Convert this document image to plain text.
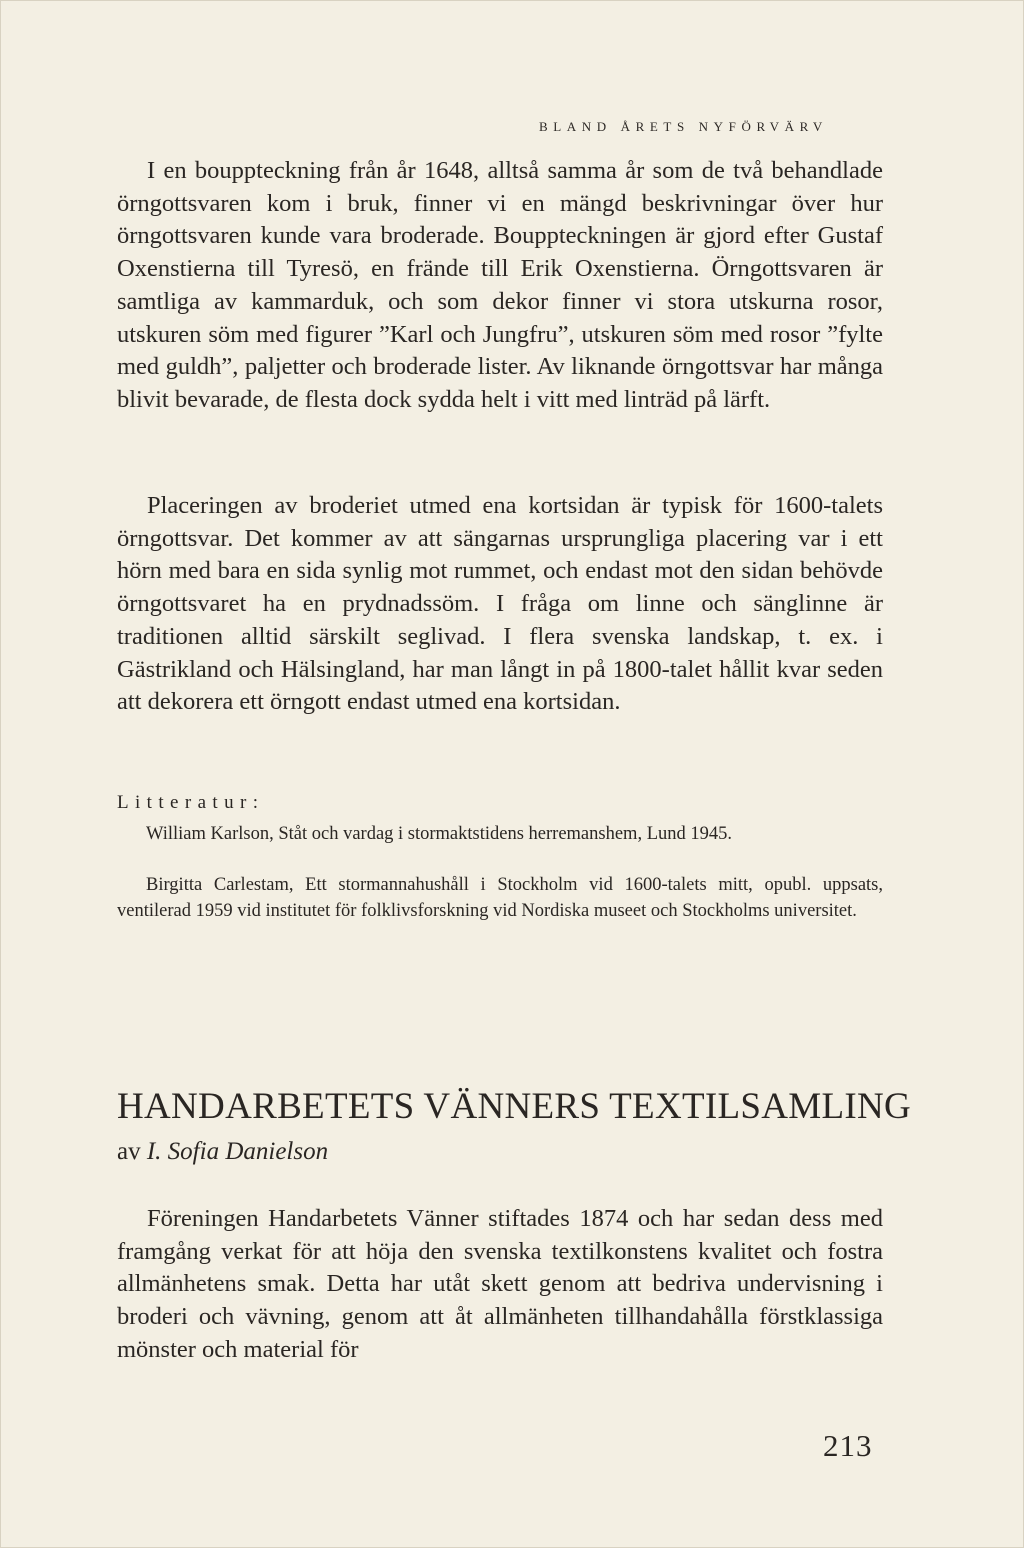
BLAND ÅRETS NYFÖRVÄRV

I en bouppteckning från år 1648, alltså samma år som de två behandlade örngottsvaren kom i bruk, finner vi en mängd beskrivningar över hur örngottsvaren kunde vara broderade. Bouppteckningen är gjord efter Gustaf Oxenstierna till Tyresö, en frände till Erik Oxenstierna. Örngottsvaren är samtliga av kammarduk, och som dekor finner vi stora utskurna rosor, utskuren söm med figurer ”Karl och Jungfru”, utskuren söm med rosor ”fylte med guldh”, paljetter och broderade lister. Av liknande örngottsvar har många blivit bevarade, de flesta dock sydda helt i vitt med linträd på lärft.

Placeringen av broderiet utmed ena kortsidan är typisk för 1600-talets örngottsvar. Det kommer av att sängarnas ursprungliga placering var i ett hörn med bara en sida synlig mot rummet, och endast mot den sidan behövde örngottsvaret ha en prydnadssöm. I fråga om linne och sänglinne är traditionen alltid särskilt seglivad. I flera svenska landskap, t. ex. i Gästrikland och Hälsingland, har man långt in på 1800-talet hållit kvar seden att dekorera ett örngott endast utmed ena kortsidan.

Litteratur:

William Karlson, Ståt och vardag i stormaktstidens herremanshem, Lund 1945.

Birgitta Carlestam, Ett stormannahushåll i Stockholm vid 1600-talets mitt, opubl. uppsats, ventilerad 1959 vid institutet för folklivsforskning vid Nordiska museet och Stockholms universitet.

HANDARBETETS VÄNNERS TEXTILSAMLING
av I. Sofia Danielson

Föreningen Handarbetets Vänner stiftades 1874 och har sedan dess med framgång verkat för att höja den svenska textilkonstens kvalitet och fostra allmänhetens smak. Detta har utåt skett genom att bedriva undervisning i broderi och vävning, genom att åt allmänheten tillhandahålla förstklassiga mönster och material för

213
